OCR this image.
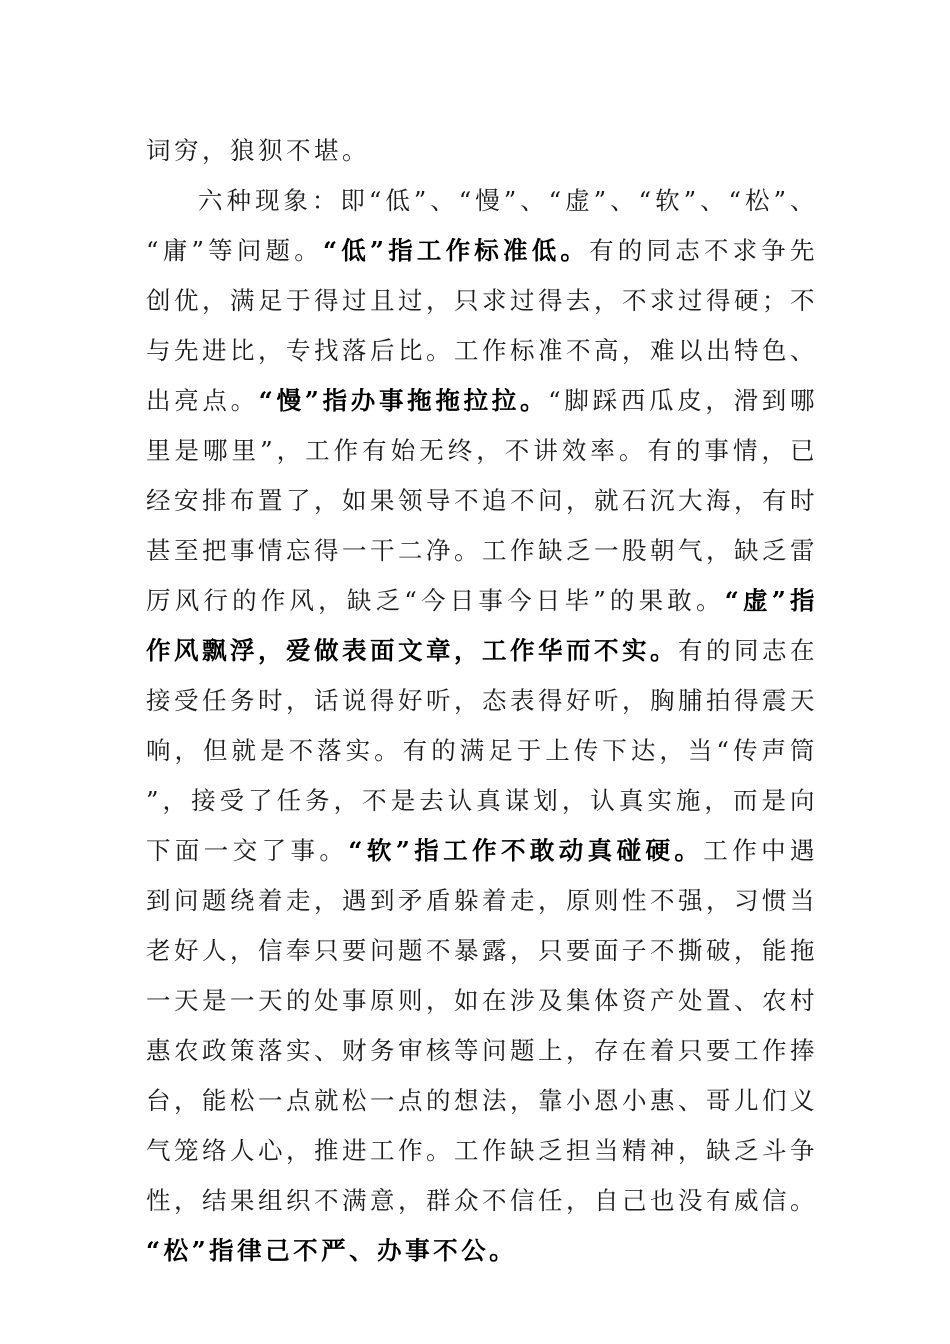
词穷，狼狈不堪。

六种现象：即“低”、“慢”、“虚”、“软”、“松”、“庸”等问题。“低”指工作标准低。有的同志不求争先创优，满足于得过且过，只求过得去，不求过得硬；不与先进比，专找落后比。工作标准不高，难以出特色、出亮点。“慢”指办事拖拖拉拉。“脚踩西瓜皮，滑到哪里是哪里”，工作有始无终，不讲效率。有的事情，已经安排布置了，如果领导不追不问，就石沉大海，有时甚至把事情忘得一干二净。工作缺乏一股朝气，缺乏雷厉风行的作风，缺乏“今日事今日毕”的果敢。“虚”指作风飘浮，爱做表面文章，工作华而不实。有的同志在接受任务时，话说得好听，态表得好听，胸脯拍得震天响，但就是不落实。有的满足于上传下达，当“传声筒”，接受了任务，不是去认真谋划，认真实施，而是向下面一交了事。“软”指工作不敢动真碰硬。工作中遇到问题绕着走，遇到矛盾躲着走，原则性不强，习惯当老好人，信奉只要问题不暴露，只要面子不撕破，能拖一天是一天的处事原则，如在涉及集体资产处置、农村惠农政策落实、财务审核等问题上，存在着只要工作捧台，能松一点就松一点的想法，靠小恩小惠、哥儿们义气笼络人心，推进工作。工作缺乏担当精神，缺乏斗争性，结果组织不满意，群众不信任，自己也没有威信。“松”指律己不严、办事不公。
